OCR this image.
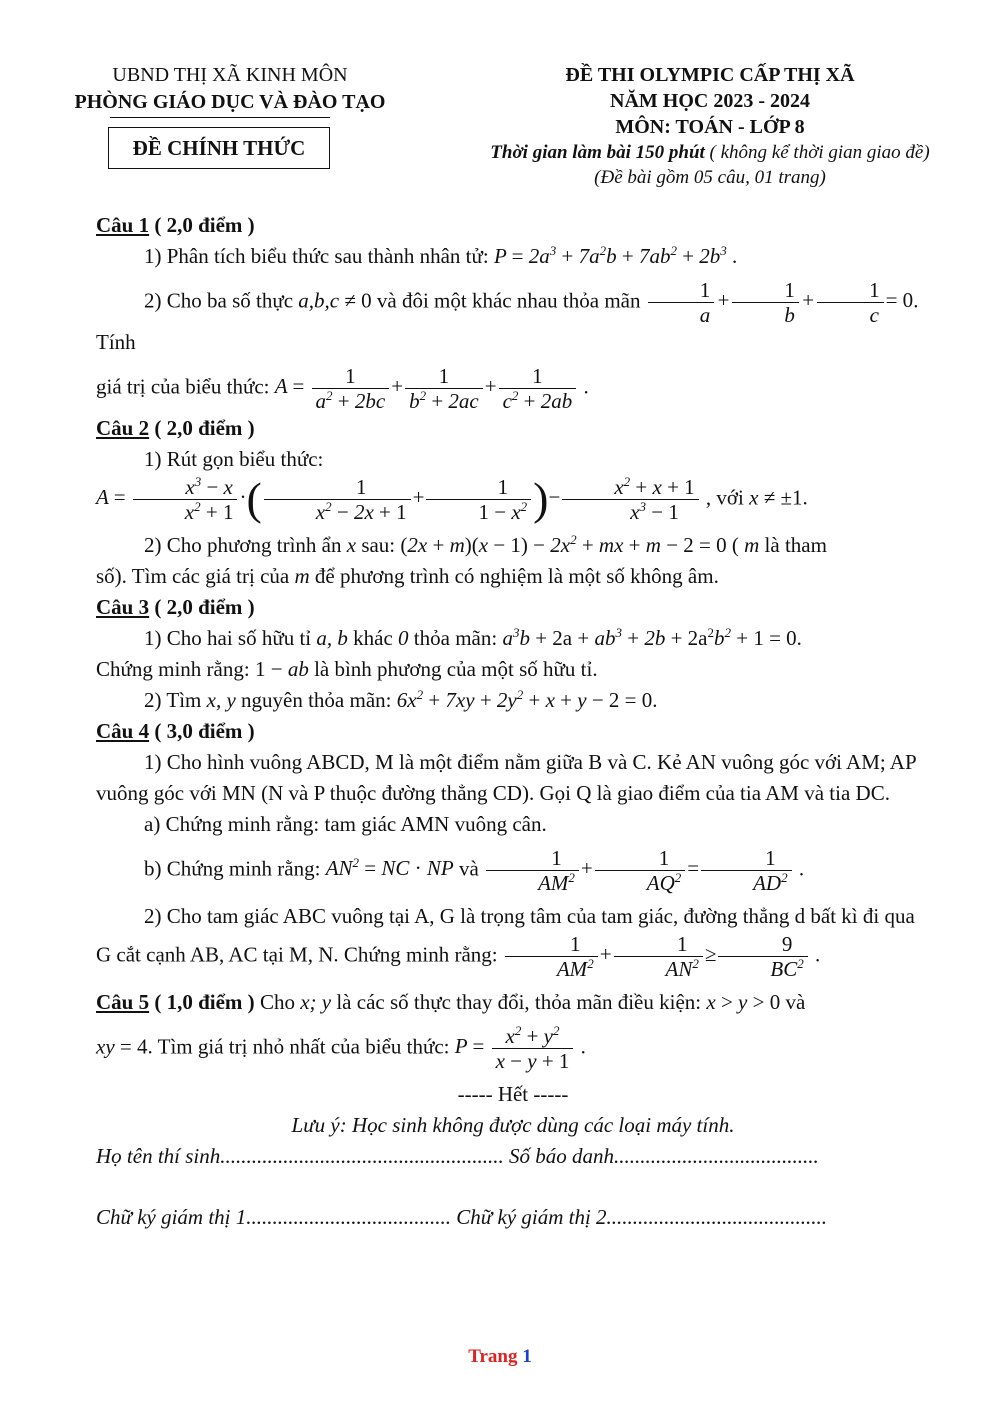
UBND THỊ XÃ KINH MÔN
PHÒNG GIÁO DỤC VÀ ĐÀO TẠO
ĐỀ CHÍNH THỨC
ĐỀ THI OLYMPIC CẤP THỊ XÃ
NĂM HỌC 2023 - 2024
MÔN: TOÁN - LỚP 8
Thời gian làm bài 150 phút ( không kể thời gian giao đề)
(Đề bài gồm 05 câu, 01 trang)

Câu 1 ( 2,0 điểm )

1) Phân tích biểu thức sau thành nhân tử: $P = 2a^3 + 7a^2b + 7ab^2 + 2b^3$ .

2) Cho ba số thực a,b,c ≠ 0 và đôi một khác nhau thỏa mãn $\frac{1}{a} + \frac{1}{b} + \frac{1}{c} = 0$. Tính

giá trị của biểu thức: $A = \frac{1}{a^2 + 2bc} + \frac{1}{b^2 + 2ac} + \frac{1}{c^2 + 2ab}$ .

Câu 2 ( 2,0 điểm )

1) Rút gọn biểu thức: $A = \frac{x^3 - x}{x^2 + 1}$ ·( $\frac{1}{x^2 - 2x + 1} + \frac{1}{1 - x^2}$ )− $\frac{x^2 + x + 1}{x^3 - 1}$ , với x ≠ ±1.

2) Cho phương trình ẩn x sau: $(2x + m)(x - 1) - 2x^2$ + mx + m − 2 = 0 ( m là tham

số). Tìm các giá trị của m để phương trình có nghiệm là một số không âm.

Câu 3 ( 2,0 điểm )

1) Cho hai số hữu tỉ a, b khác 0 thỏa mãn: $a^3b + 2a + ab^3 + 2b + 2a^2b^2 + 1 = 0$.

Chứng minh rằng: 1 − ab là bình phương của một số hữu tỉ.

2) Tìm x, y nguyên thỏa mãn: $6x^2 + 7xy + 2y^2 + x + y - 2 = 0$.

Câu 4 ( 3,0 điểm )

1) Cho hình vuông ABCD, M là một điểm nằm giữa B và C. Kẻ AN vuông góc với AM; AP vuông góc với MN (N và P thuộc đường thẳng CD). Gọi Q là giao điểm của tia AM và tia DC.

a) Chứng minh rằng: tam giác AMN vuông cân.

b) Chứng minh rằng: $AN^2$ = NC · NP và $\frac{1}{AM^2} + \frac{1}{AQ^2} = \frac{1}{AD^2}$ .

2) Cho tam giác ABC vuông tại A, G là trọng tâm của tam giác, đường thẳng d bất kì đi qua G cắt cạnh AB, AC tại M, N. Chứng minh rằng: $\frac{1}{AM^2} + \frac{1}{AN^2} \ge \frac{9}{BC^2}$ .

Câu 5 ( 1,0 điểm ) Cho x; y là các số thực thay đổi, thỏa mãn điều kiện: x > y > 0 và

xy = 4. Tìm giá trị nhỏ nhất của biểu thức: $P = \frac{x^2 + y^2}{x - y + 1}$ .

----- Hết -----

Lưu ý: Học sinh không được dùng các loại máy tính.

Họ tên thí sinh...................................................... Số báo danh.......................................

Chữ ký giám thị 1....................................... Chữ ký giám thị 2..........................................

Trang 1
